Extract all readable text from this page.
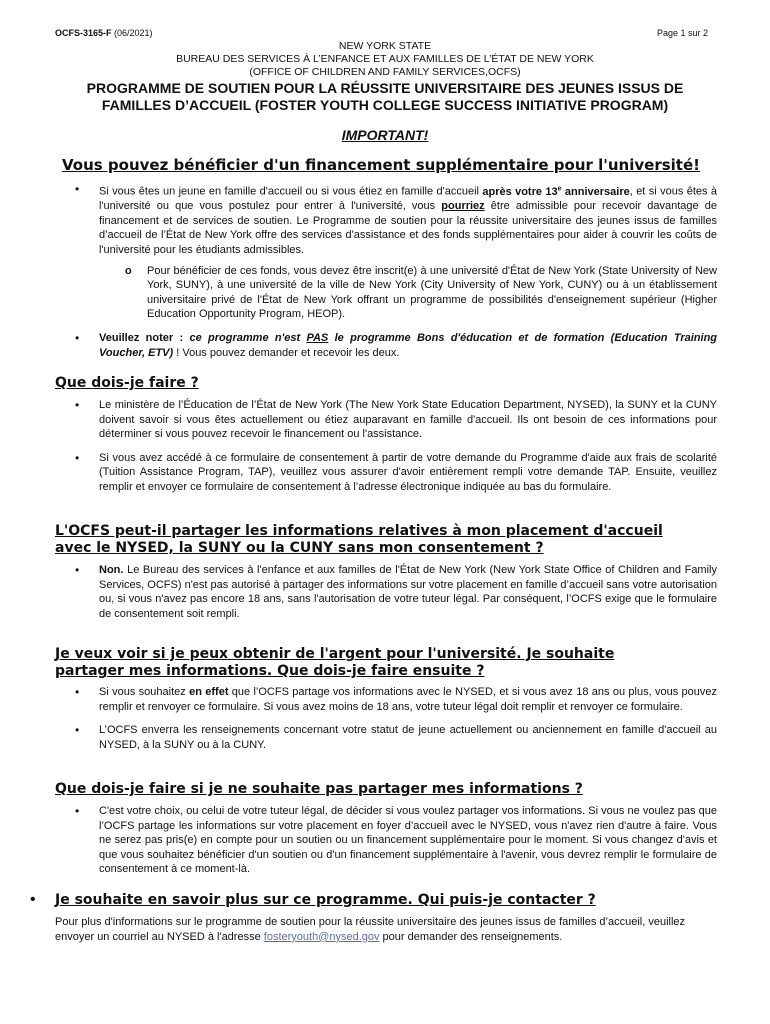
OCFS-3165-F (06/2021)	Page 1 sur 2
NEW YORK STATE
BUREAU DES SERVICES À L’ENFANCE ET AUX FAMILLES DE L’ÉTAT DE NEW YORK
(OFFICE OF CHILDREN AND FAMILY SERVICES,OCFS)
PROGRAMME DE SOUTIEN POUR LA RÉUSSITE UNIVERSITAIRE DES JEUNES ISSUS DE
FAMILLES D’ACCUEIL (FOSTER YOUTH COLLEGE SUCCESS INITIATIVE PROGRAM)
IMPORTANT!
Vous pouvez bénéficier d'un financement supplémentaire pour l'université!
• Si vous êtes un jeune en famille d'accueil ou si vous étiez en famille d'accueil après votre 13e anniversaire, et si vous êtes à l'université ou que vous postulez pour entrer à l'université, vous pourriez être admissible pour recevoir davantage de financement et de services de soutien. Le Programme de soutien pour la réussite universitaire des jeunes issus de familles d’accueil de l’État de New York offre des services d'assistance et des fonds supplémentaires pour aider à couvrir les coûts de l'université pour les étudiants admissibles.
o Pour bénéficier de ces fonds, vous devez être inscrit(e) à une université d'État de New York (State University of New York, SUNY), à une université de la ville de New York (City University of New York, CUNY) ou à un établissement universitaire privé de l'État de New York offrant un programme de possibilités d'enseignement supérieur (Higher Education Opportunity Program, HEOP).
• Veuillez noter : ce programme n'est PAS le programme Bons d'éducation et de formation (Education Training Voucher, ETV) ! Vous pouvez demander et recevoir les deux.
Que dois-je faire ?
• Le ministère de l’Éducation de l’État de New York (The New York State Education Department, NYSED), la SUNY et la CUNY doivent savoir si vous êtes actuellement ou étiez auparavant en famille d'accueil. Ils ont besoin de ces informations pour déterminer si vous pouvez recevoir le financement ou l'assistance.
• Si vous avez accédé à ce formulaire de consentement à partir de votre demande du Programme d'aide aux frais de scolarité (Tuition Assistance Program, TAP), veuillez vous assurer d'avoir entièrement rempli votre demande TAP. Ensuite, veuillez remplir et envoyer ce formulaire de consentement à l’adresse électronique indiquée au bas du formulaire.
L'OCFS peut-il partager les informations relatives à mon placement d'accueil
avec le NYSED, la SUNY ou la CUNY sans mon consentement ?
• Non. Le Bureau des services à l'enfance et aux familles de l'État de New York (New York State Office of Children and Family Services, OCFS) n'est pas autorisé à partager des informations sur votre placement en famille d’accueil sans votre autorisation ou, si vous n'avez pas encore 18 ans, sans l'autorisation de votre tuteur légal. Par conséquent, l’OCFS exige que le formulaire de consentement soit rempli.
Je veux voir si je peux obtenir de l'argent pour l'université. Je souhaite
partager mes informations. Que dois-je faire ensuite ?
• Si vous souhaitez en effet que l’OCFS partage vos informations avec le NYSED, et si vous avez 18 ans ou plus, vous pouvez remplir et renvoyer ce formulaire. Si vous avez moins de 18 ans, votre tuteur légal doit remplir et renvoyer ce formulaire.
• L’OCFS enverra les renseignements concernant votre statut de jeune actuellement ou anciennement en famille d'accueil au NYSED, à la SUNY ou à la CUNY.
Que dois-je faire si je ne souhaite pas partager mes informations ?
• C'est votre choix, ou celui de votre tuteur légal, de décider si vous voulez partager vos informations. Si vous ne voulez pas que l’OCFS partage les informations sur votre placement en foyer d’accueil avec le NYSED, vous n'avez rien d'autre à faire. Vous ne serez pas pris(e) en compte pour un soutien ou un financement supplémentaire pour le moment. Si vous changez d'avis et que vous souhaitez bénéficier d'un soutien ou d'un financement supplémentaire à l'avenir, vous devrez remplir le formulaire de consentement à ce moment-là.
• Je souhaite en savoir plus sur ce programme. Qui puis-je contacter ?
Pour plus d'informations sur le programme de soutien pour la réussite universitaire des jeunes issus de familles d’accueil, veuillez envoyer un courriel au NYSED à l'adresse fosteryouth@nysed.gov pour demander des renseignements.
